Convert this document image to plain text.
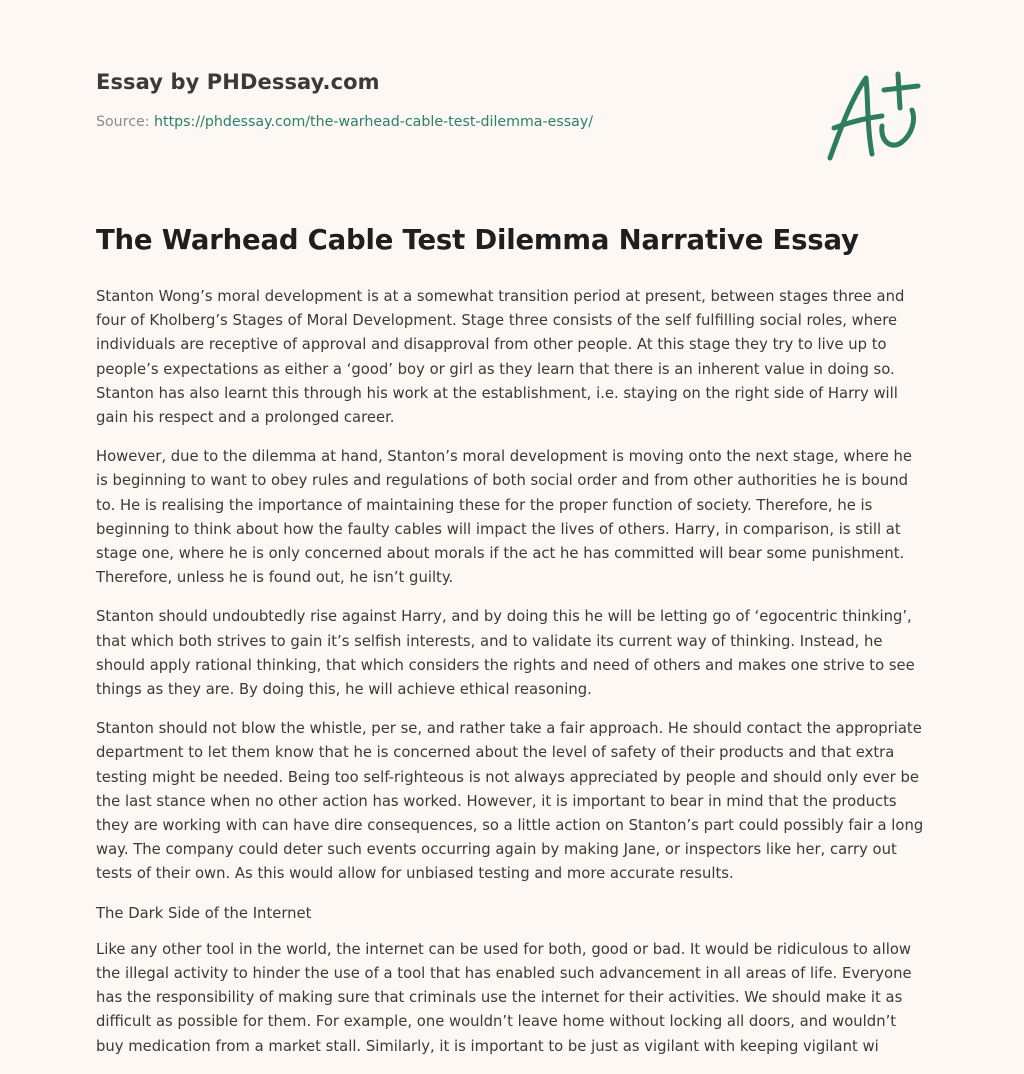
Essay by PHDessay.com
Source: https://phdessay.com/the-warhead-cable-test-dilemma-essay/
The Warhead Cable Test Dilemma Narrative Essay

Stanton Wong’s moral development is at a somewhat transition period at present, between stages three and four of Kholberg’s Stages of Moral Development. Stage three consists of the self fulfilling social roles, where individuals are receptive of approval and disapproval from other people. At this stage they try to live up to people’s expectations as either a ‘good’ boy or girl as they learn that there is an inherent value in doing so. Stanton has also learnt this through his work at the establishment, i.e. staying on the right side of Harry will gain his respect and a prolonged career.

However, due to the dilemma at hand, Stanton’s moral development is moving onto the next stage, where he is beginning to want to obey rules and regulations of both social order and from other authorities he is bound to. He is realising the importance of maintaining these for the proper function of society. Therefore, he is beginning to think about how the faulty cables will impact the lives of others. Harry, in comparison, is still at stage one, where he is only concerned about morals if the act he has committed will bear some punishment. Therefore, unless he is found out, he isn’t guilty.

Stanton should undoubtedly rise against Harry, and by doing this he will be letting go of ‘egocentric thinking’, that which both strives to gain it’s selfish interests, and to validate its current way of thinking. Instead, he should apply rational thinking, that which considers the rights and need of others and makes one strive to see things as they are. By doing this, he will achieve ethical reasoning.

Stanton should not blow the whistle, per se, and rather take a fair approach. He should contact the appropriate department to let them know that he is concerned about the level of safety of their products and that extra testing might be needed. Being too self-righteous is not always appreciated by people and should only ever be the last stance when no other action has worked. However, it is important to bear in mind that the products they are working with can have dire consequences, so a little action on Stanton’s part could possibly fair a long way. The company could deter such events occurring again by making Jane, or inspectors like her, carry out tests of their own. As this would allow for unbiased testing and more accurate results.

The Dark Side of the Internet

Like any other tool in the world, the internet can be used for both, good or bad. It would be ridiculous to allow the illegal activity to hinder the use of a tool that has enabled such advancement in all areas of life. Everyone has the responsibility of making sure that criminals use the internet for their activities. We should make it as difficult as possible for them. For example, one wouldn’t leave home without locking all doors, and wouldn’t buy medication from a market stall. Similarly, it is important to be just as vigilant with keeping vigilant wi
